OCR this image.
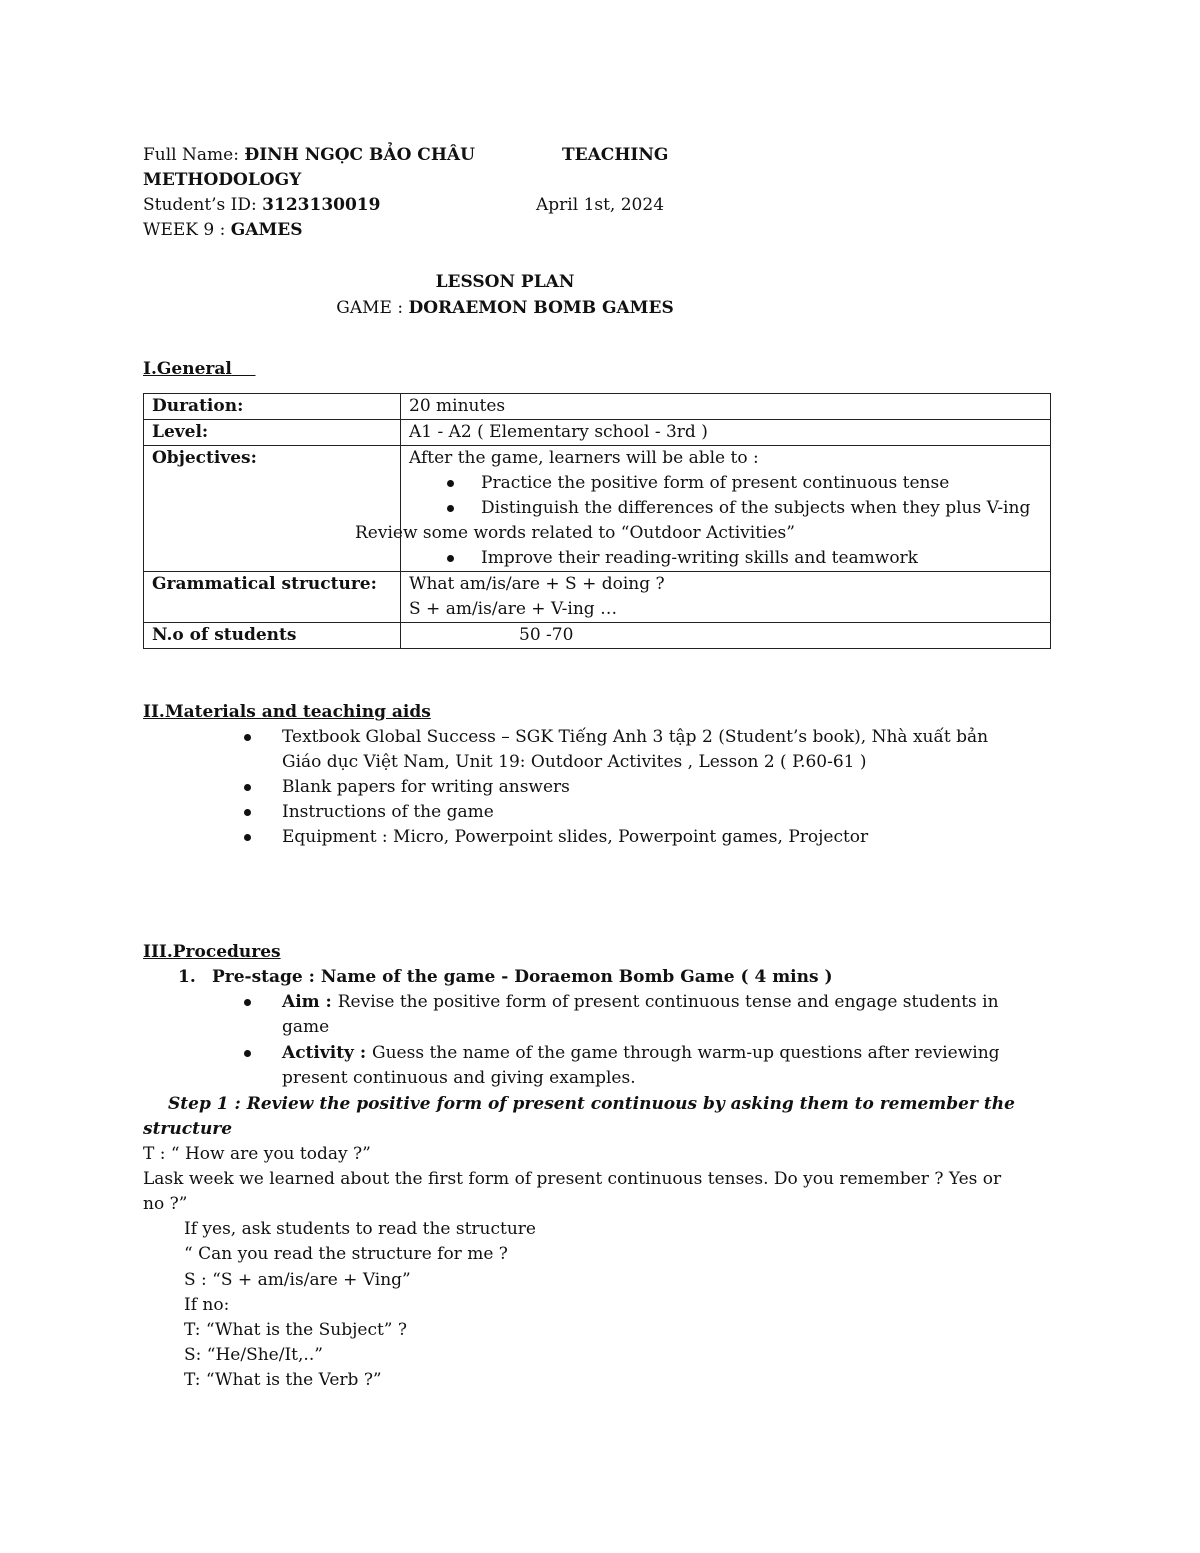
Full Name: ĐINH NGỌC BẢO CHÂU	TEACHING
METHODOLOGY
Student’s ID: 3123130019	April 1st, 2024
WEEK 9 : GAMES
LESSON PLAN
GAME : DORAEMON BOMB GAMES
I.General
Duration:	20 minutes
Level:	A1 - A2 ( Elementary school - 3rd )
Objectives:	After the game, learners will be able to :
Practice the positive form of present continuous tense
Distinguish the differences of the subjects when they plus V-ing
Review some words related to “Outdoor Activities”
Improve their reading-writing skills and teamwork

Grammatical structure:	What am/is/are + S + doing ?
S + am/is/are + V-ing …

N.o of students	50 -70
II.Materials and teaching aids
Textbook Global Success – SGK Tiếng Anh 3 tập 2 (Student’s book), Nhà xuất bản
Giáo dục Việt Nam, Unit 19: Outdoor Activites , Lesson 2 ( P.60-61 )
Blank papers for writing answers
Instructions of the game
Equipment : Micro, Powerpoint slides, Powerpoint games, Projector
III.Procedures
1. Pre-stage : Name of the game - Doraemon Bomb Game ( 4 mins )
Aim : Revise the positive form of present continuous tense and engage students in
game
Activity : Guess the name of the game through warm-up questions after reviewing
present continuous and giving examples.
Step 1 : Review the positive form of present continuous by asking them to remember the
structure
T : “ How are you today ?”
Lask week we learned about the first form of present continuous tenses. Do you remember ? Yes or
no ?”
If yes, ask students to read the structure
“ Can you read the structure for me ?
S : “S + am/is/are + Ving”
If no:
T: “What is the Subject” ?
S: “He/She/It,..”
T: “What is the Verb ?”
